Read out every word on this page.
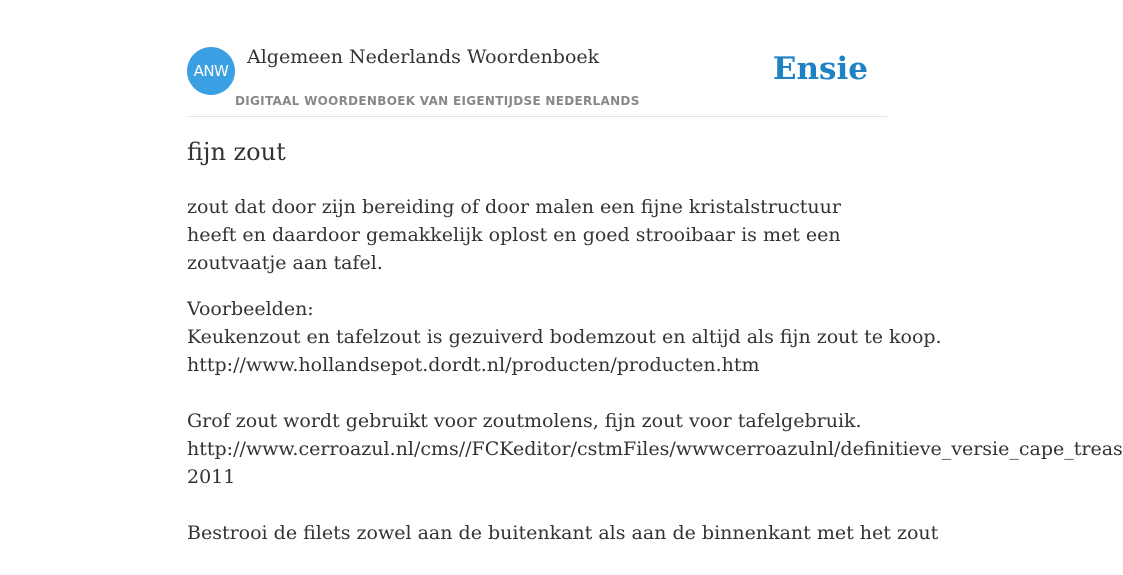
ANW
Algemeen Nederlands Woordenboek
DIGITAAL WOORDENBOEK VAN EIGENTIJDSE NEDERLANDS
Ensie
fijn zout

zout dat door zijn bereiding of door malen een fijne kristalstructuur heeft en daardoor gemakkelijk oplost en goed strooibaar is met een zoutvaatje aan tafel.

Voorbeelden:

Keukenzout en tafelzout is gezuiverd bodemzout en altijd als fijn zout te koop.
http://www.hollandsepot.dordt.nl/producten/producten.htm
Grof zout wordt gebruikt voor zoutmolens, fijn zout voor tafelgebruik.
http://www.cerroazul.nl/cms//FCKeditor/cstmFiles/wwwcerroazulnl/definitieve_versie_cape_treas
2011
Bestrooi de filets zowel aan de buitenkant als aan de binnenkant met het zout
